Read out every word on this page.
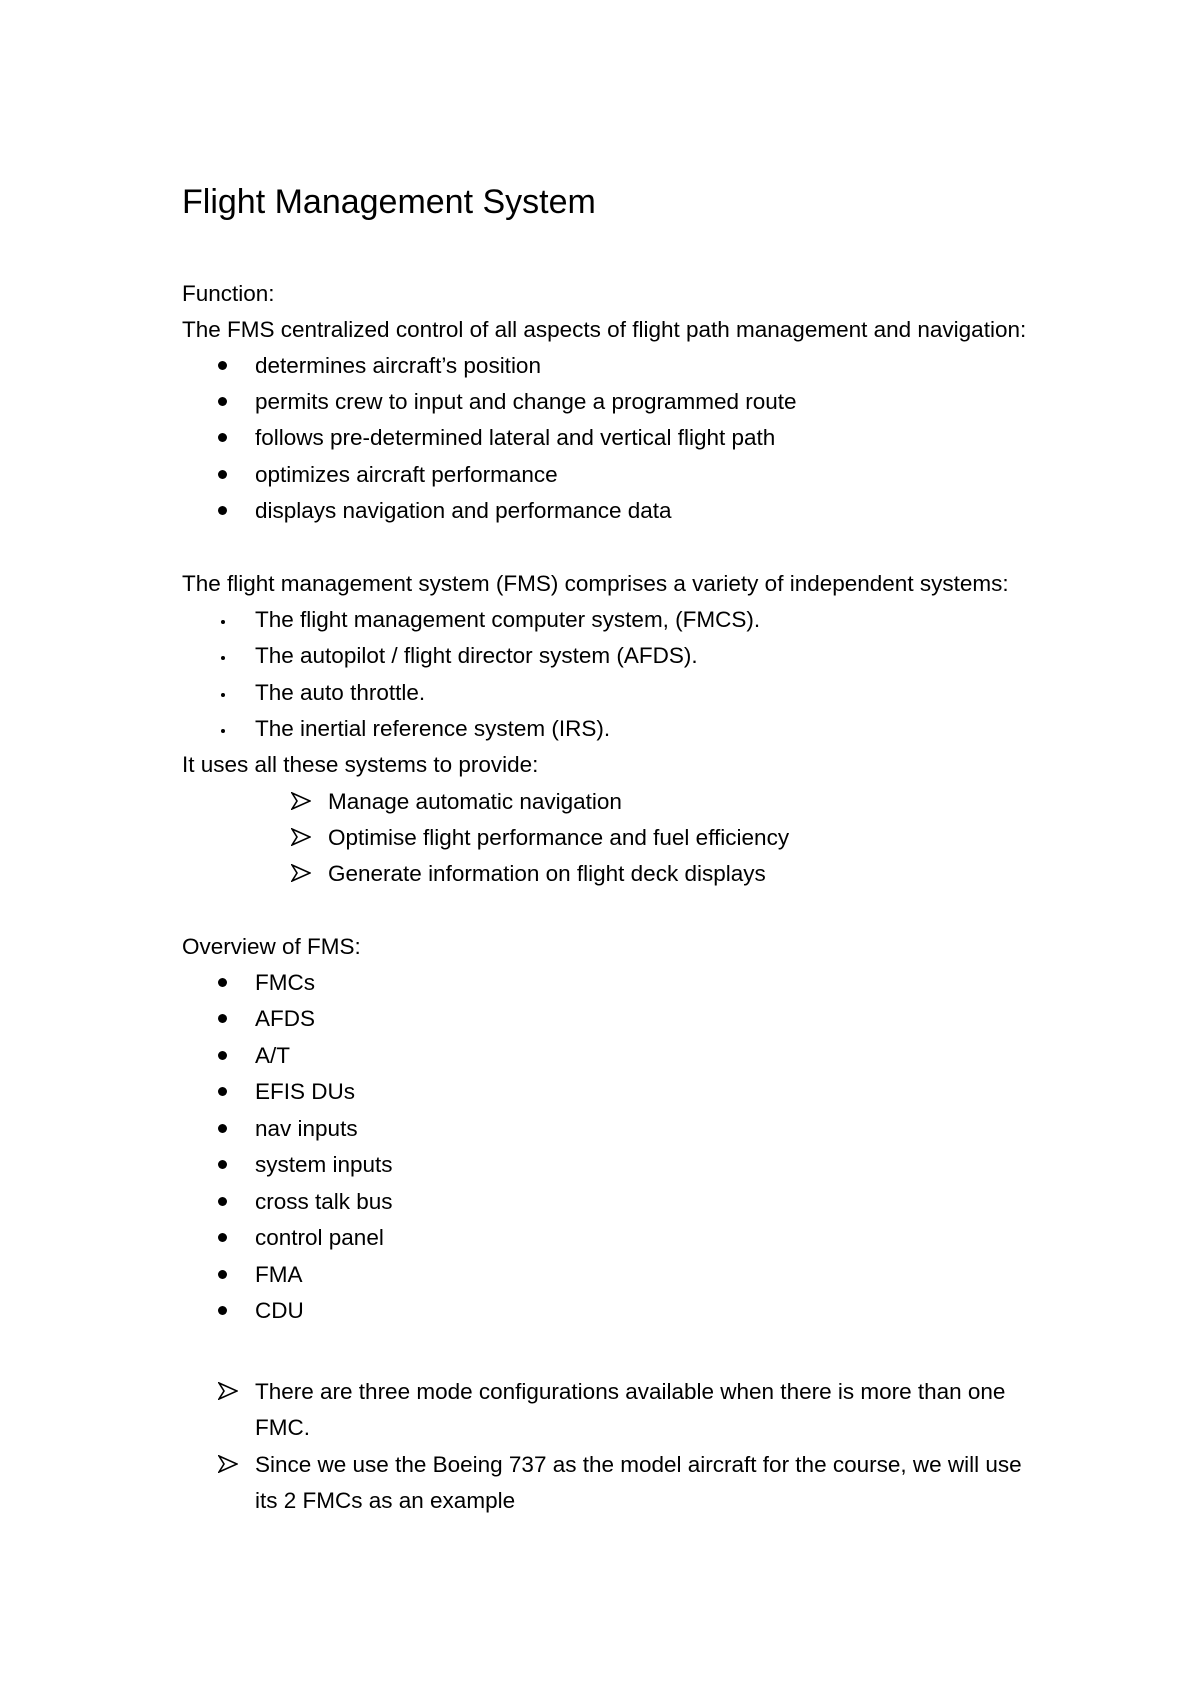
Flight Management System

Function:

The FMS centralized control of all aspects of flight path management and navigation:

determines aircraft’s position
permits crew to input and change a programmed route
follows pre-determined lateral and vertical flight path
optimizes aircraft performance
displays navigation and performance data

The flight management system (FMS) comprises a variety of independent systems:

The flight management computer system, (FMCS).
The autopilot / flight director system (AFDS).
The auto throttle.
The inertial reference system (IRS).

It uses all these systems to provide:

Manage automatic navigation
Optimise flight performance and fuel efficiency
Generate information on flight deck displays

Overview of FMS:

FMCs
AFDS
A/T
EFIS DUs
nav inputs
system inputs
cross talk bus
control panel
FMA
CDU
There are three mode configurations available when there is more than one
FMC.
Since we use the Boeing 737 as the model aircraft for the course, we will use
its 2 FMCs as an example
